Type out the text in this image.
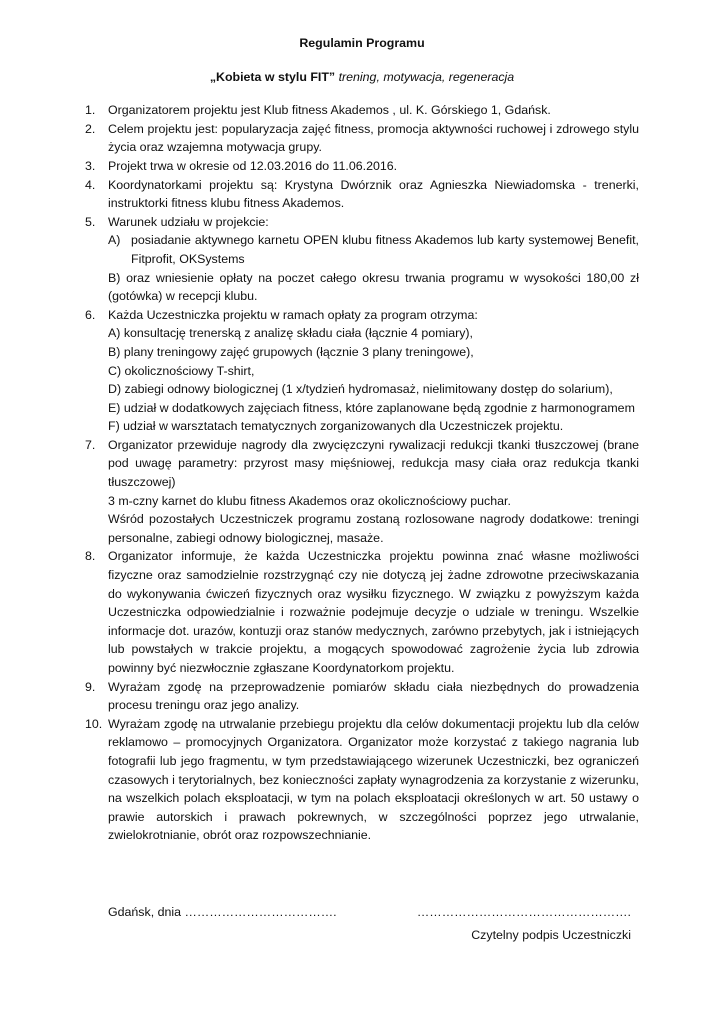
Regulamin Programu
„Kobieta w stylu FIT” trening, motywacja, regeneracja
1. Organizatorem projektu jest Klub fitness Akademos , ul. K. Górskiego 1, Gdańsk.
2. Celem projektu jest: popularyzacja zajęć fitness, promocja aktywności ruchowej i zdrowego stylu życia oraz wzajemna motywacja grupy.
3. Projekt trwa w okresie od 12.03.2016 do 11.06.2016.
4. Koordynatorkami projektu są: Krystyna Dwórznik oraz Agnieszka Niewiadomska - trenerki, instruktorki fitness klubu fitness Akademos.
5. Warunek udziału w projekcie:
A) posiadanie aktywnego karnetu OPEN klubu fitness Akademos lub karty systemowej Benefit, Fitprofit, OKSystems
B) oraz wniesienie opłaty na poczet całego okresu trwania programu w wysokości 180,00 zł (gotówka) w recepcji klubu.
6. Każda Uczestniczka projektu w ramach opłaty za program otrzyma:
A) konsultację trenerską z analizę składu ciała (łącznie 4 pomiary),
B) plany treningowy zajęć grupowych (łącznie 3 plany treningowe),
C) okolicznościowy T-shirt,
D) zabiegi odnowy biologicznej (1 x/tydzień hydromasaż, nielimitowany dostęp do solarium),
E) udział w dodatkowych zajęciach fitness, które zaplanowane będą zgodnie z harmonogramem
F) udział w warsztatach tematycznych zorganizowanych dla Uczestniczek projektu.
7. Organizator przewiduje nagrody dla zwycięzczyni rywalizacji redukcji tkanki tłuszczowej (brane pod uwagę parametry: przyrost masy mięśniowej, redukcja masy ciała oraz redukcja tkanki tłuszczowej)
3 m-czny karnet do klubu fitness Akademos oraz okolicznościowy puchar.
Wśród pozostałych Uczestniczek programu zostaną rozlosowane nagrody dodatkowe: treningi personalne, zabiegi odnowy biologicznej, masaże.
8. Organizator informuje, że każda Uczestniczka projektu powinna znać własne możliwości fizyczne oraz samodzielnie rozstrzygnąć czy nie dotyczą jej żadne zdrowotne przeciwskazania do wykonywania ćwiczeń fizycznych oraz wysiłku fizycznego. W związku z powyższym każda Uczestniczka odpowiedzialnie i rozważnie podejmuje decyzje o udziale w treningu. Wszelkie informacje dot. urazów, kontuzji oraz stanów medycznych, zarówno przebytych, jak i istniejących lub powstałych w trakcie projektu, a mogących spowodować zagrożenie życia lub zdrowia powinny być niezwłocznie zgłaszane Koordynatorkom projektu.
9. Wyrażam zgodę na przeprowadzenie pomiarów składu ciała niezbędnych do prowadzenia procesu treningu oraz jego analizy.
10. Wyrażam zgodę na utrwalanie przebiegu projektu dla celów dokumentacji projektu lub dla celów reklamowo – promocyjnych Organizatora. Organizator może korzystać z takiego nagrania lub fotografii lub jego fragmentu, w tym przedstawiającego wizerunek Uczestniczki, bez ograniczeń czasowych i terytorialnych, bez konieczności zapłaty wynagrodzenia za korzystanie z wizerunku, na wszelkich polach eksploatacji, w tym na polach eksploatacji określonych w art. 50 ustawy o prawie autorskich i prawach pokrewnych, w szczególności poprzez jego utrwalanie, zwielokrotnianie, obrót oraz rozpowszechnianie.
Gdańsk, dnia ……………………………….	…………………………………………….
Czytelny podpis Uczestniczki
